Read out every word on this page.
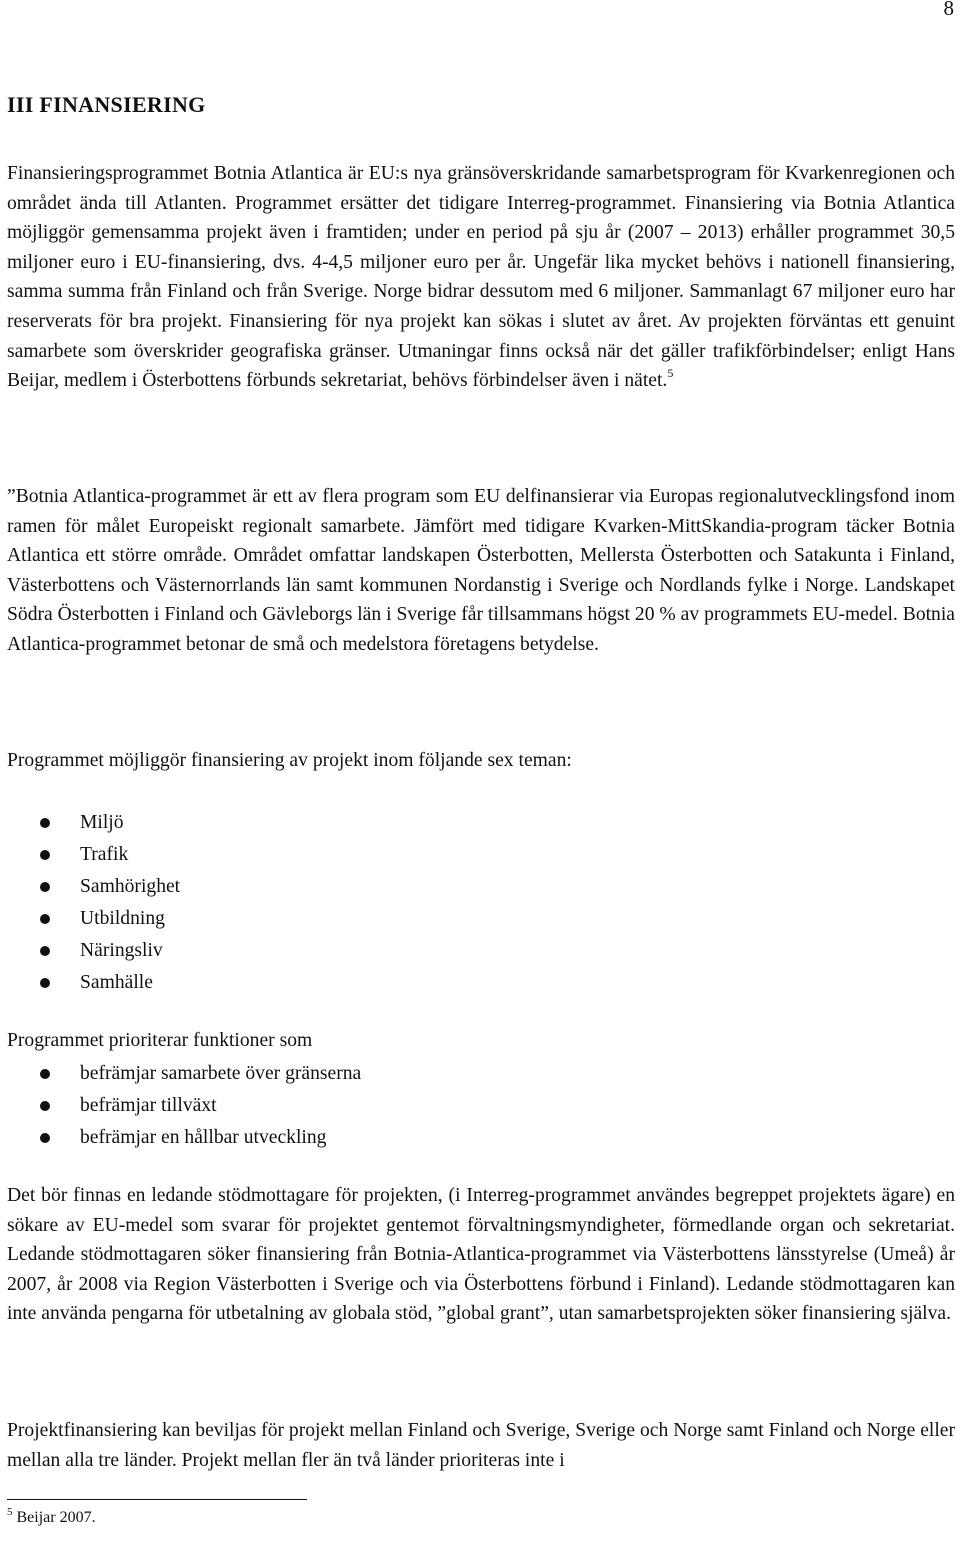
8
III FINANSIERING

Finansieringsprogrammet Botnia Atlantica är EU:s nya gränsöverskridande samarbetsprogram för Kvarkenregionen och området ända till Atlanten. Programmet ersätter det tidigare Interreg-programmet. Finansiering via Botnia Atlantica möjliggör gemensamma projekt även i framtiden; under en period på sju år (2007 – 2013) erhåller programmet 30,5 miljoner euro i EU-finansiering, dvs. 4-4,5 miljoner euro per år. Ungefär lika mycket behövs i nationell finansiering, samma summa från Finland och från Sverige. Norge bidrar dessutom med 6 miljoner. Sammanlagt 67 miljoner euro har reserverats för bra projekt. Finansiering för nya projekt kan sökas i slutet av året. Av projekten förväntas ett genuint samarbete som överskrider geografiska gränser. Utmaningar finns också när det gäller trafikförbindelser; enligt Hans Beijar, medlem i Österbottens förbunds sekretariat, behövs förbindelser även i nätet.$^5$

”Botnia Atlantica-programmet är ett av flera program som EU delfinansierar via Europas regionalutvecklingsfond inom ramen för målet Europeiskt regionalt samarbete. Jämfört med tidigare Kvarken-MittSkandia-program täcker Botnia Atlantica ett större område. Området omfattar landskapen Österbotten, Mellersta Österbotten och Satakunta i Finland, Västerbottens och Västernorrlands län samt kommunen Nordanstig i Sverige och Nordlands fylke i Norge. Landskapet Södra Österbotten i Finland och Gävleborgs län i Sverige får tillsammans högst 20 % av programmets EU-medel. Botnia Atlantica-programmet betonar de små och medelstora företagens betydelse.

Programmet möjliggör finansiering av projekt inom följande sex teman:

Miljö
Trafik
Samhörighet
Utbildning
Näringsliv
Samhälle

Programmet prioriterar funktioner som

befrämjar samarbete över gränserna
befrämjar tillväxt
befrämjar en hållbar utveckling

Det bör finnas en ledande stödmottagare för projekten, (i Interreg-programmet användes begreppet projektets ägare) en sökare av EU-medel som svarar för projektet gentemot förvaltningsmyndigheter, förmedlande organ och sekretariat. Ledande stödmottagaren söker finansiering från Botnia-Atlantica-programmet via Västerbottens länsstyrelse (Umeå) år 2007, år 2008 via Region Västerbotten i Sverige och via Österbottens förbund i Finland). Ledande stödmottagaren kan inte använda pengarna för utbetalning av globala stöd, ”global grant”, utan samarbetsprojekten söker finansiering själva.

Projektfinansiering kan beviljas för projekt mellan Finland och Sverige, Sverige och Norge samt Finland och Norge eller mellan alla tre länder. Projekt mellan fler än två länder prioriteras inte i

$^5$ Beijar 2007.
